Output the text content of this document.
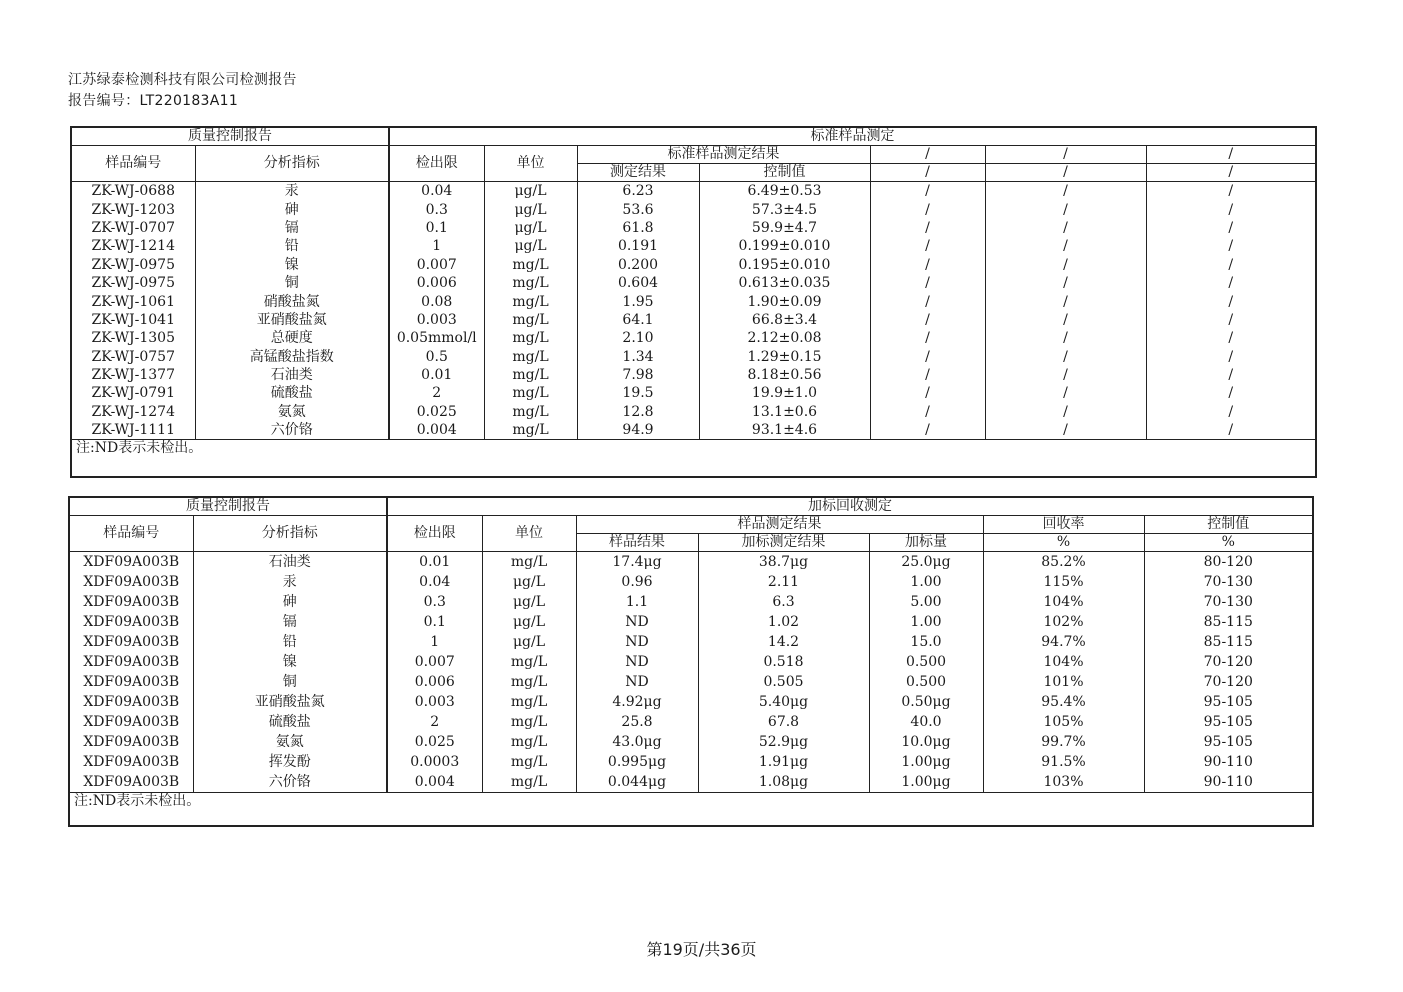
江苏绿泰检测科技有限公司检测报告
报告编号：LT220183A11
质量控制报告		标准样品测定						
样品编号	分析指标	检出限	单位	标准样品测定结果		/	/	/
				测定结果	控制值	/	/	/
ZK-WJ-0688	汞	0.04	μg/L	6.23	6.49±0.53	/	/	/
ZK-WJ-1203	砷	0.3	μg/L	53.6	57.3±4.5	/	/	/
ZK-WJ-0707	镉	0.1	μg/L	61.8	59.9±4.7	/	/	/
ZK-WJ-1214	铅	1	μg/L	0.191	0.199±0.010	/	/	/
ZK-WJ-0975	镍	0.007	mg/L	0.200	0.195±0.010	/	/	/
ZK-WJ-0975	铜	0.006	mg/L	0.604	0.613±0.035	/	/	/
ZK-WJ-1061	硝酸盐氮	0.08	mg/L	1.95	1.90±0.09	/	/	/
ZK-WJ-1041	亚硝酸盐氮	0.003	mg/L	64.1	66.8±3.4	/	/	/
ZK-WJ-1305	总硬度	0.05mmol/l	mg/L	2.10	2.12±0.08	/	/	/
ZK-WJ-0757	高锰酸盐指数	0.5	mg/L	1.34	1.29±0.15	/	/	/
ZK-WJ-1377	石油类	0.01	mg/L	7.98	8.18±0.56	/	/	/
ZK-WJ-0791	硫酸盐	2	mg/L	19.5	19.9±1.0	/	/	/
ZK-WJ-1274	氨氮	0.025	mg/L	12.8	13.1±0.6	/	/	/
ZK-WJ-1111	六价铬	0.004	mg/L	94.9	93.1±4.6	/	/	/
注:ND表示未检出。								
质量控制报告		加标回收测定						
样品编号	分析指标	检出限	单位	样品测定结果			回收率	控制值
				样品结果	加标测定结果	加标量	%	%
XDF09A003B	石油类	0.01	mg/L	17.4μg	38.7μg	25.0μg	85.2%	80-120
XDF09A003B	汞	0.04	μg/L	0.96	2.11	1.00	115%	70-130
XDF09A003B	砷	0.3	μg/L	1.1	6.3	5.00	104%	70-130
XDF09A003B	镉	0.1	μg/L	ND	1.02	1.00	102%	85-115
XDF09A003B	铅	1	μg/L	ND	14.2	15.0	94.7%	85-115
XDF09A003B	镍	0.007	mg/L	ND	0.518	0.500	104%	70-120
XDF09A003B	铜	0.006	mg/L	ND	0.505	0.500	101%	70-120
XDF09A003B	亚硝酸盐氮	0.003	mg/L	4.92μg	5.40μg	0.50μg	95.4%	95-105
XDF09A003B	硫酸盐	2	mg/L	25.8	67.8	40.0	105%	95-105
XDF09A003B	氨氮	0.025	mg/L	43.0μg	52.9μg	10.0μg	99.7%	95-105
XDF09A003B	挥发酚	0.0003	mg/L	0.995μg	1.91μg	1.00μg	91.5%	90-110
XDF09A003B	六价铬	0.004	mg/L	0.044μg	1.08μg	1.00μg	103%	90-110
注:ND表示未检出。								
第19页/共36页
